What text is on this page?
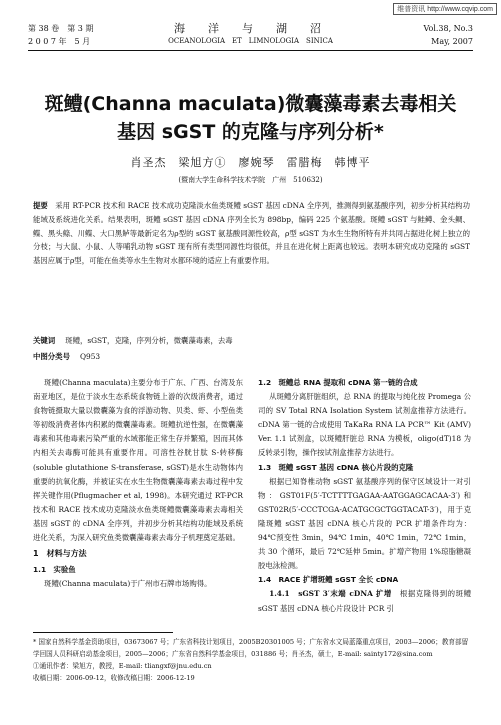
维普资讯 http://www.cqvip.com
第 38 卷　第 3 期
2 0 0 7 年　5 月
海　洋　与　湖　沼
OCEANOLOGIA　ET　LIMNOLOGIA　SINICA
Vol.38, No.3
May, 2007
斑鳢(Channa maculata)微囊藻毒素去毒相关
基因 sGST 的克隆与序列分析*
肖圣杰　梁旭方①　廖婉琴　雷腊梅　韩博平
(暨南大学生命科学技术学院　广州　510632)
提要  采用 RT-PCR 技术和 RACE 技术成功克隆淡水鱼类斑鳢 sGST 基因 cDNA 全序列，推测得到氨基酸序列，初步分析其结构功能域及系统进化关系。结果表明，斑鳢 sGST 基因 cDNA 序列全长为 898bp，编码 225 个氨基酸。斑鳢 sGST 与鲑鳟、金头鲷、鲽、黑头鲦、川鲽、大口黑鲈等最新定名为ρ型的 sGST 氨基酸同源性较高，ρ型 sGST 为水生生物所特有并共同占据进化树上独立的分枝；与大鼠、小鼠、人等哺乳动物 sGST 现有所有类型同源性均很低，并且在进化树上距离也较远。表明本研究成功克隆的 sGST 基因应属于ρ型，可能在鱼类等水生生物对水都环境的适应上有重要作用。
关键词 斑鳢，sGST，克隆，序列分析，微囊藻毒素，去毒
中图分类号 Q953

斑鳢(Channa maculata)主要分布于广东、广西、台湾及东南亚地区，是位于淡水生态系统食物链上游的次级消费者，通过食物链摄取大量以微囊藻为食的浮游动物、贝类、虾、小型鱼类等初级消费者体内积累的微囊藻毒素。斑鳢抗逆性强，在微囊藻毒素和其他毒素污染严重的水域都能正常生存并繁殖，因而其体内相关去毒酶可能具有重要作用。可溶性谷胱甘肽 S-转移酶(soluble glutathione S-transferase, sGST)是水生动物体内重要的抗氧化酶，并被证实在水生生物微囊藻毒素去毒过程中发挥关键作用(Pflugmacher et al, 1998)。本研究通过 RT-PCR 技术和 RACE 技术成功克隆淡水鱼类斑鳢微囊藻毒素去毒相关基因 sGST 的 cDNA 全序列，并初步分析其结构功能域及系统进化关系，为深入研究鱼类微囊藻毒素去毒分子机理奠定基础。

1　材料与方法
1.1　实验鱼

斑鳢(Channa maculata)于广州市石牌市场购得。

1.2　斑鳢总 RNA 提取和 cDNA 第一链的合成

从斑鳢分离肝脏组织，总 RNA 的提取与纯化按 Promega 公司的 SV Total RNA Isolation System 试剂盒推荐方法进行。cDNA 第一链的合成使用 TaKaRa RNA LA PCR™ Kit (AMV) Ver. 1.1 试剂盒，以斑鳢肝脏总 RNA 为模板，oligo(dT)18 为反转录引物，操作按试剂盒推荐方法进行。

1.3　斑鳢 sGST 基因 cDNA 核心片段的克隆

根据已知脊椎动物 sGST 氨基酸序列的保守区域设计一对引物：GST01F(5′-TCTTTTGAGAA-AATGGAGCACAA-3′)和 GST02R(5′-CCCTCGA-ACATGCGCTGGTACAT-3′)，用于克隆斑鳢 sGST 基因 cDNA 核心片段的 PCR 扩增条件均为：94℃预变性 3min，94℃ 1min，40℃ 1min，72℃ 1min，共 30 个循环，最后 72℃延伸 5min。扩增产物用 1%琼脂糖凝胶电泳检测。

1.4　RACE 扩增斑鳢 sGST 全长 cDNA

1.4.1　sGST 3′末端 cDNA 扩增  根据克隆得到的斑鳢 sGST 基因 cDNA 核心片段设计 PCR 引

* 国家自然科学基金资助项目，03673067 号；广东省科技计划项目，2005B20301005 号；广东省水文局蓝藻重点项目，2003—2006；教育部留学回国人员科研启动基金项目，2005—2006；广东省自然科学基金项目，031886 号；肖圣杰，硕士，E-mail: sainty172@sina.com

①通讯作者：梁旭方，教授，E-mail: tliangxf@jnu.edu.cn

收稿日期：2006-09-12，收修改稿日期：2006-12-19
